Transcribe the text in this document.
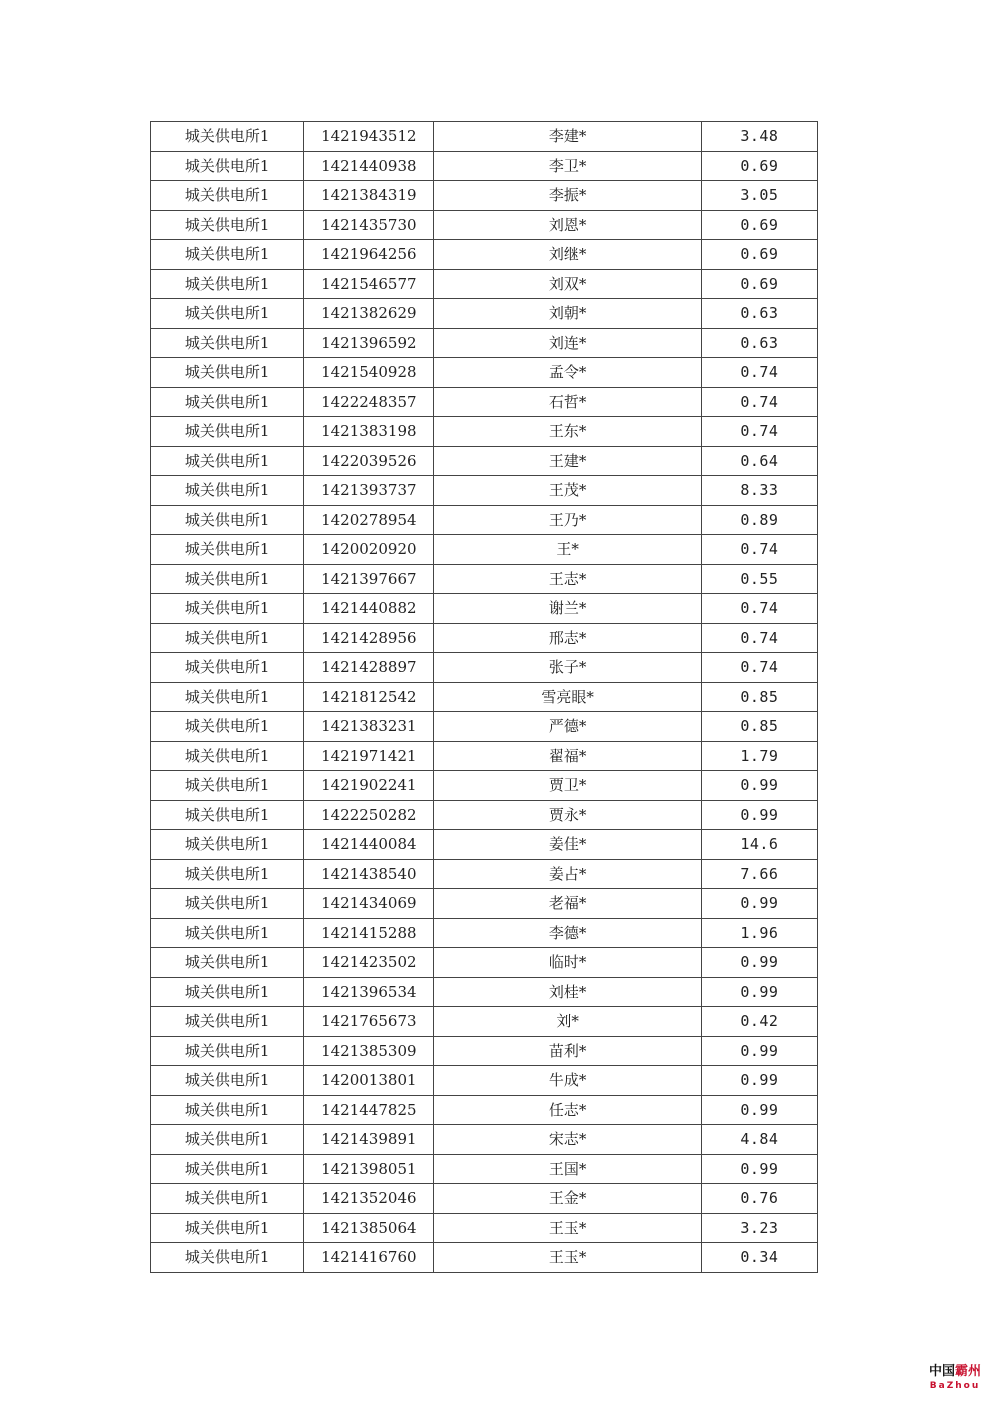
城关供电所1	1421943512	李建*	3.48
城关供电所1	1421440938	李卫*	0.69
城关供电所1	1421384319	李振*	3.05
城关供电所1	1421435730	刘恩*	0.69
城关供电所1	1421964256	刘继*	0.69
城关供电所1	1421546577	刘双*	0.69
城关供电所1	1421382629	刘朝*	0.63
城关供电所1	1421396592	刘连*	0.63
城关供电所1	1421540928	孟令*	0.74
城关供电所1	1422248357	石哲*	0.74
城关供电所1	1421383198	王东*	0.74
城关供电所1	1422039526	王建*	0.64
城关供电所1	1421393737	王茂*	8.33
城关供电所1	1420278954	王乃*	0.89
城关供电所1	1420020920	王*	0.74
城关供电所1	1421397667	王志*	0.55
城关供电所1	1421440882	谢兰*	0.74
城关供电所1	1421428956	邢志*	0.74
城关供电所1	1421428897	张子*	0.74
城关供电所1	1421812542	雪亮眼*	0.85
城关供电所1	1421383231	严德*	0.85
城关供电所1	1421971421	翟福*	1.79
城关供电所1	1421902241	贾卫*	0.99
城关供电所1	1422250282	贾永*	0.99
城关供电所1	1421440084	姜佳*	14.6
城关供电所1	1421438540	姜占*	7.66
城关供电所1	1421434069	老福*	0.99
城关供电所1	1421415288	李德*	1.96
城关供电所1	1421423502	临时*	0.99
城关供电所1	1421396534	刘桂*	0.99
城关供电所1	1421765673	刘*	0.42
城关供电所1	1421385309	苗利*	0.99
城关供电所1	1420013801	牛成*	0.99
城关供电所1	1421447825	任志*	0.99
城关供电所1	1421439891	宋志*	4.84
城关供电所1	1421398051	王国*	0.99
城关供电所1	1421352046	王金*	0.76
城关供电所1	1421385064	王玉*	3.23
城关供电所1	1421416760	王玉*	0.34
中国霸州
BaZhou
